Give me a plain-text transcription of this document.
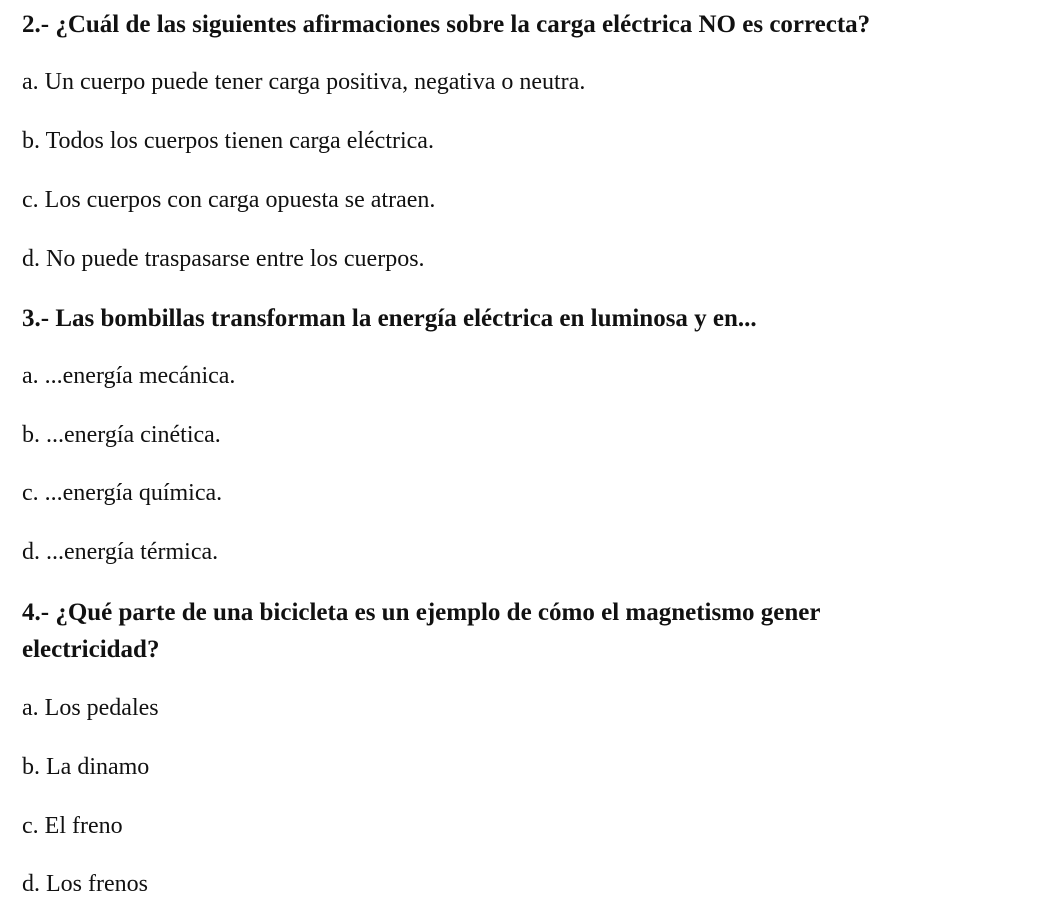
2.- ¿Cuál de las siguientes afirmaciones sobre la carga eléctrica NO es correcta?
a. Un cuerpo puede tener carga positiva, negativa o neutra.
b. Todos los cuerpos tienen carga eléctrica.
c. Los cuerpos con carga opuesta se atraen.
d. No puede traspasarse entre los cuerpos.
3.- Las bombillas transforman la energía eléctrica en luminosa y en...
a. ...energía mecánica.
b. ...energía cinética.
c. ...energía química.
d. ...energía térmica.
4.- ¿Qué parte de una bicicleta es un ejemplo de cómo el magnetismo gener
electricidad?
a. Los pedales
b. La dinamo
c. El freno
d. Los frenos
